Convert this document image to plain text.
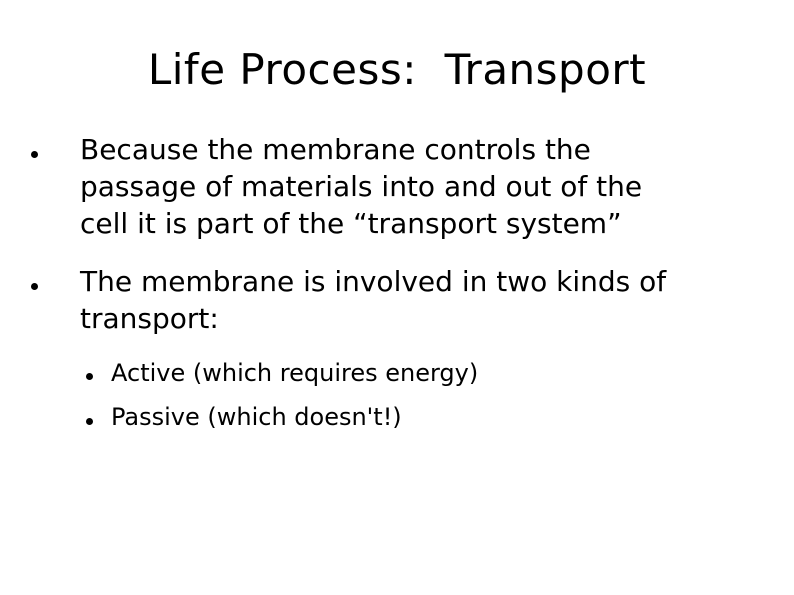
Life Process:  Transport
Because the membrane controls the
passage of materials into and out of the
cell it is part of the “transport system”
The membrane is involved in two kinds of
transport:
Active (which requires energy)
Passive (which doesn't!)
